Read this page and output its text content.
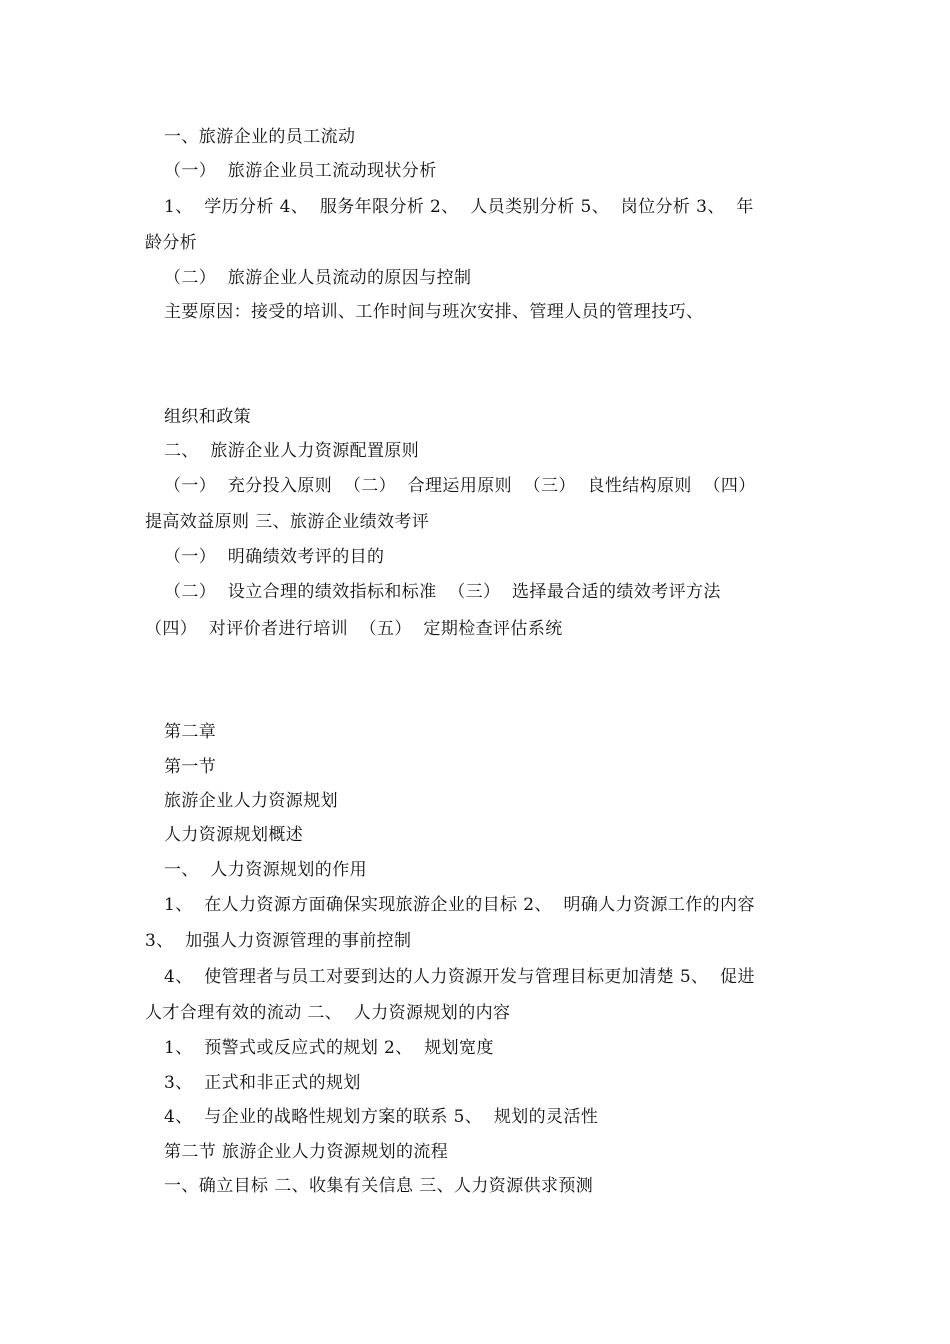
一、旅游企业的员工流动
（一）  旅游企业员工流动现状分析
1、  学历分析 4、  服务年限分析 2、  人员类别分析 5、  岗位分析 3、  年
龄分析
（二）  旅游企业人员流动的原因与控制
主要原因：接受的培训、工作时间与班次安排、管理人员的管理技巧、
组织和政策
二、  旅游企业人力资源配置原则
（一）  充分投入原则  （二）  合理运用原则  （三）  良性结构原则  （四）
提高效益原则 三、旅游企业绩效考评
（一）  明确绩效考评的目的
（二）  设立合理的绩效指标和标准  （三）  选择最合适的绩效考评方法
（四）  对评价者进行培训  （五）  定期检查评估系统
第二章
第一节
旅游企业人力资源规划
人力资源规划概述
一、  人力资源规划的作用
1、  在人力资源方面确保实现旅游企业的目标 2、  明确人力资源工作的内容
3、  加强人力资源管理的事前控制
4、  使管理者与员工对要到达的人力资源开发与管理目标更加清楚 5、  促进
人才合理有效的流动 二、  人力资源规划的内容
1、  预警式或反应式的规划 2、  规划宽度
3、  正式和非正式的规划
4、  与企业的战略性规划方案的联系 5、  规划的灵活性
第二节 旅游企业人力资源规划的流程
一、确立目标 二、收集有关信息 三、人力资源供求预测
